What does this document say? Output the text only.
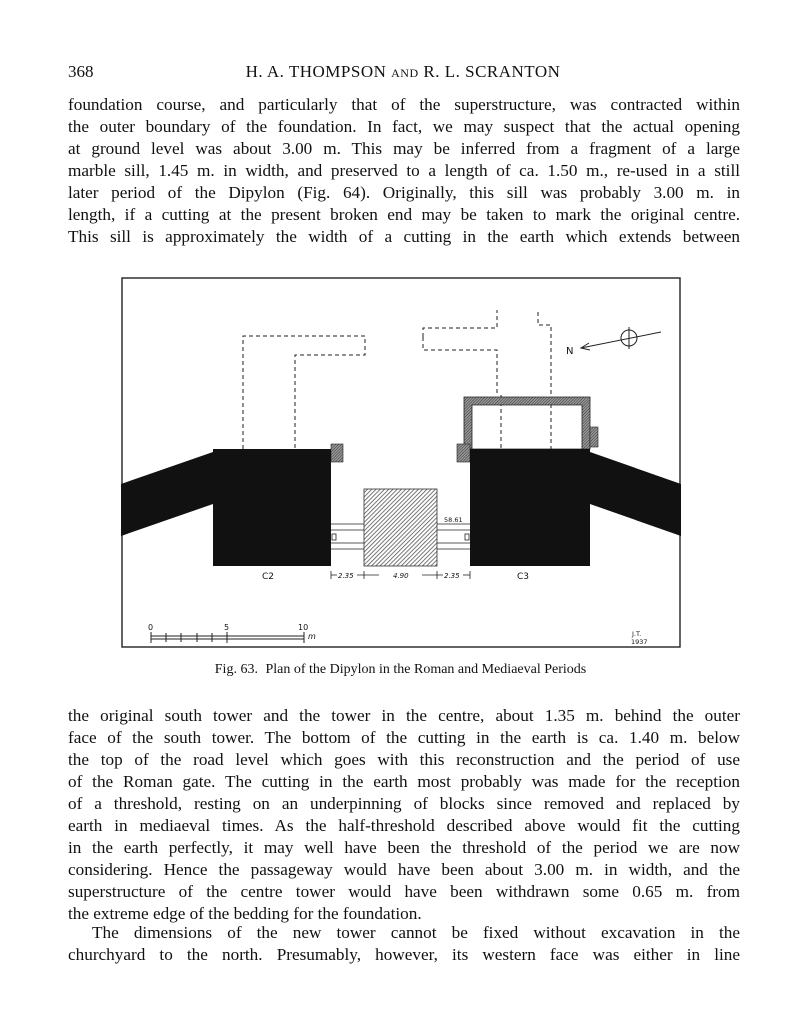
368	H. A. THOMPSON AND R. L. SCRANTON
foundation course, and particularly that of the superstructure, was contracted within
the outer boundary of the foundation. In fact, we may suspect that the actual opening
at ground level was about 3.00 m. This may be inferred from a fragment of a large
marble sill, 1.45 m. in width, and preserved to a length of ca. 1.50 m., re-used in a still
later period of the Dipylon (Fig. 64). Originally, this sill was probably 3.00 m. in
length, if a cutting at the present broken end may be taken to mark the original centre.
This sill is approximately the width of a cutting in the earth which extends between
58.61
C2	C3
2.35	4.90	2.35
N
0	5	10
m	J.T.
1937
Fig. 63. Plan of the Dipylon in the Roman and Mediaeval Periods
the original south tower and the tower in the centre, about 1.35 m. behind the outer
face of the south tower. The bottom of the cutting in the earth is ca. 1.40 m. below
the top of the road level which goes with this reconstruction and the period of use
of the Roman gate. The cutting in the earth most probably was made for the reception
of a threshold, resting on an underpinning of blocks since removed and replaced by
earth in mediaeval times. As the half-threshold described above would fit the cutting
in the earth perfectly, it may well have been the threshold of the period we are now
considering. Hence the passageway would have been about 3.00 m. in width, and the
superstructure of the centre tower would have been withdrawn some 0.65 m. from
the extreme edge of the bedding for the foundation.
The dimensions of the new tower cannot be fixed without excavation in the
churchyard to the north. Presumably, however, its western face was either in line
